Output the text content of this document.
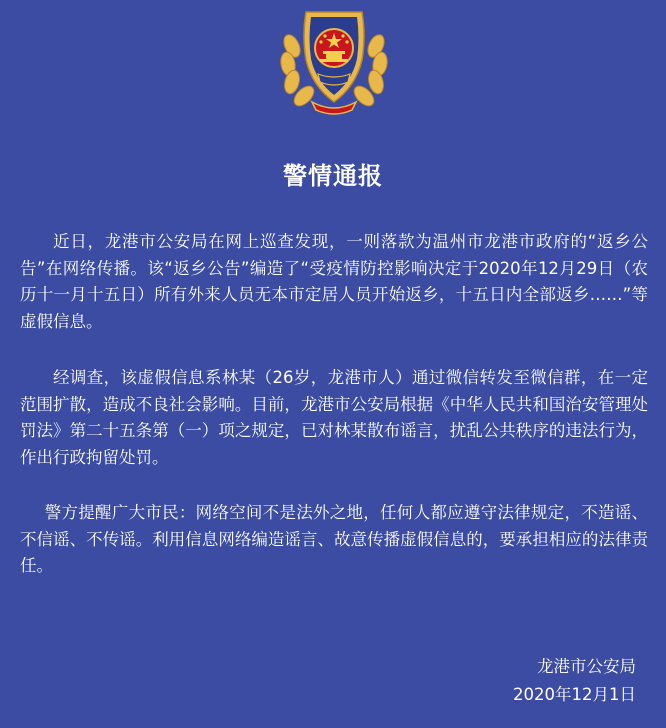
警情通报

近日，龙港市公安局在网上巡查发现，一则落款为温州市龙港市政府的“返乡公告”在网络传播。该“返乡公告”编造了“受疫情防控影响决定于2020年12月29日（农历十一月十五日）所有外来人员无本市定居人员开始返乡，十五日内全部返乡……”等虚假信息。

经调查，该虚假信息系林某（26岁，龙港市人）通过微信转发至微信群，在一定范围扩散，造成不良社会影响。目前，龙港市公安局根据《中华人民共和国治安管理处罚法》第二十五条第（一）项之规定，已对林某散布谣言，扰乱公共秩序的违法行为，作出行政拘留处罚。

警方提醒广大市民：网络空间不是法外之地，任何人都应遵守法律规定，不造谣、不信谣、不传谣。利用信息网络编造谣言、故意传播虚假信息的，要承担相应的法律责任。

龙港市公安局
2020年12月1日
